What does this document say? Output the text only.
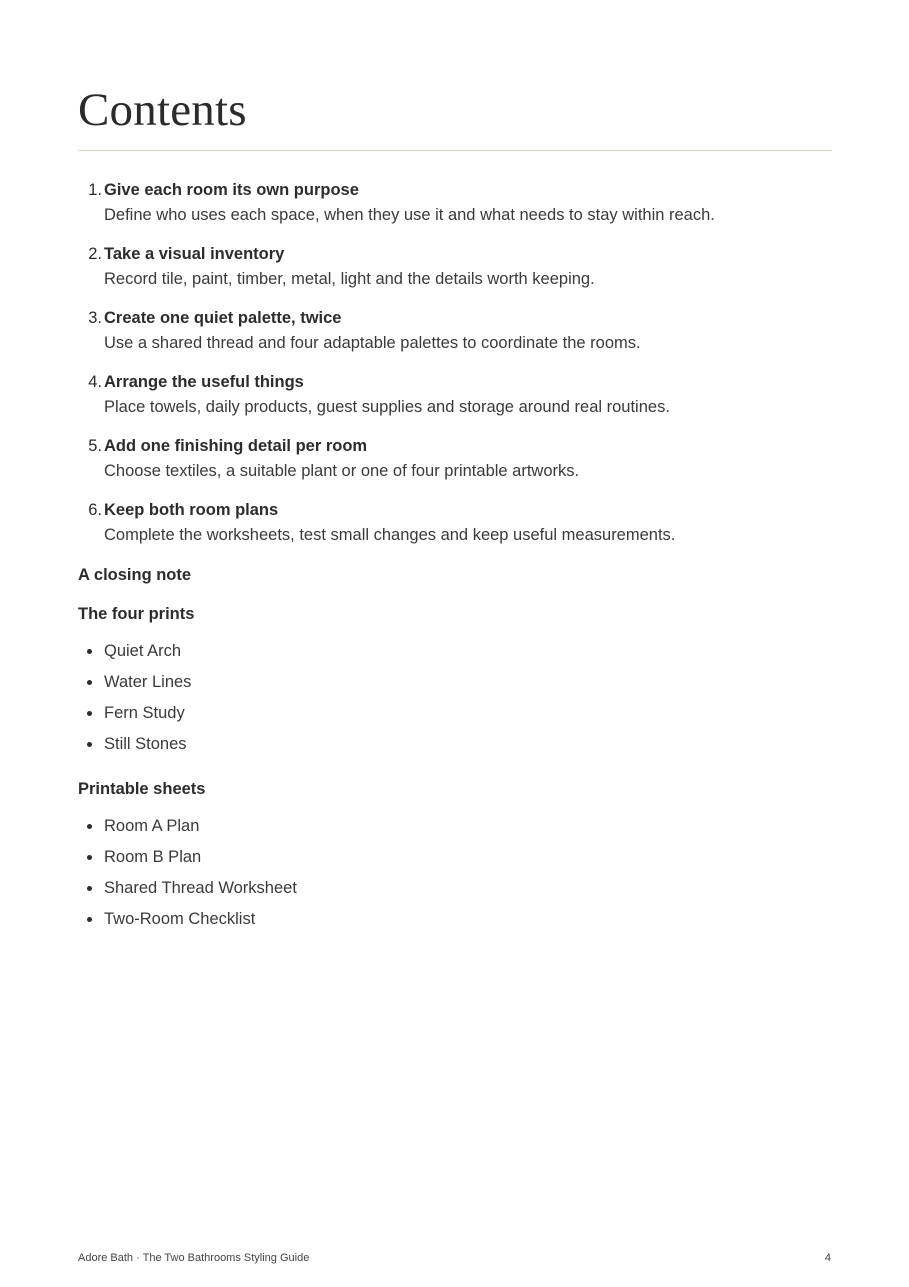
Contents
1. Give each room its own purpose
Define who uses each space, when they use it and what needs to stay within reach.
2. Take a visual inventory
Record tile, paint, timber, metal, light and the details worth keeping.
3. Create one quiet palette, twice
Use a shared thread and four adaptable palettes to coordinate the rooms.
4. Arrange the useful things
Place towels, daily products, guest supplies and storage around real routines.
5. Add one finishing detail per room
Choose textiles, a suitable plant or one of four printable artworks.
6. Keep both room plans
Complete the worksheets, test small changes and keep useful measurements.

A closing note

The four prints

Quiet Arch
Water Lines
Fern Study
Still Stones

Printable sheets

Room A Plan
Room B Plan
Shared Thread Worksheet
Two-Room Checklist
Adore Bath · The Two Bathrooms Styling Guide	4
